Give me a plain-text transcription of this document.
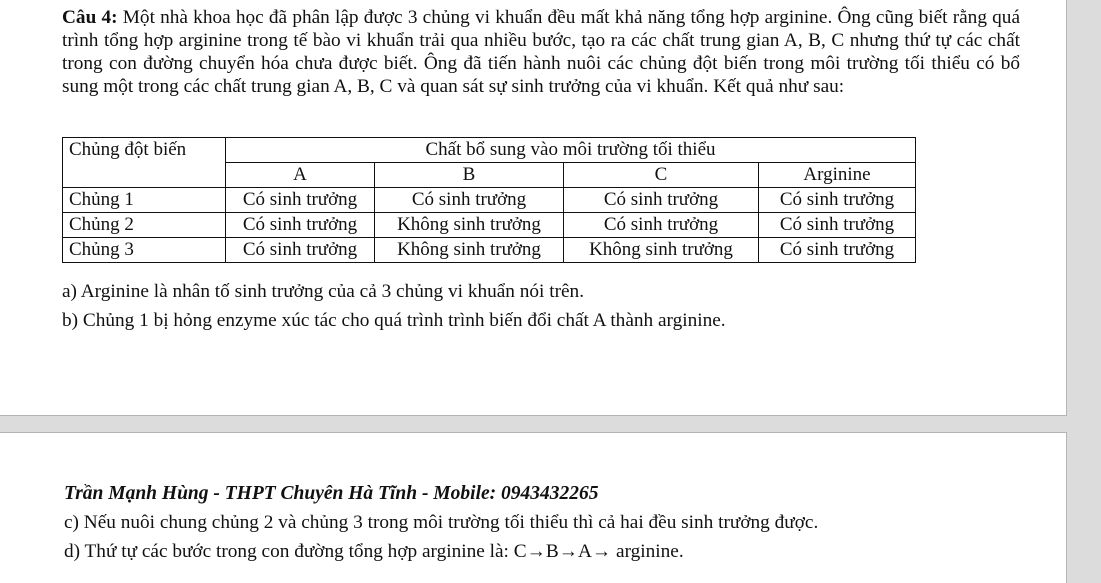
Câu 4: Một nhà khoa học đã phân lập được 3 chủng vi khuẩn đều mất khả năng tổng hợp arginine. Ông cũng biết rằng quá trình tổng hợp arginine trong tế bào vi khuẩn trải qua nhiều bước, tạo ra các chất trung gian A, B, C nhưng thứ tự các chất trong con đường chuyển hóa chưa được biết. Ông đã tiến hành nuôi các chủng đột biến trong môi trường tối thiểu có bổ sung một trong các chất trung gian A, B, C và quan sát sự sinh trưởng của vi khuẩn. Kết quả như sau:
Chủng đột biến	Chất bổ sung vào môi trường tối thiểu			
	A	B	C	Arginine
Chủng 1	Có sinh trưởng	Có sinh trưởng	Có sinh trưởng	Có sinh trưởng
Chủng 2	Có sinh trưởng	Không sinh trưởng	Có sinh trưởng	Có sinh trưởng
Chủng 3	Có sinh trưởng	Không sinh trưởng	Không sinh trưởng	Có sinh trưởng
a) Arginine là nhân tố sinh trưởng của cả 3 chủng vi khuẩn nói trên.
b) Chủng 1 bị hỏng enzyme xúc tác cho quá trình trình biến đổi chất A thành arginine.
Trần Mạnh Hùng - THPT Chuyên Hà Tĩnh - Mobile: 0943432265
c) Nếu nuôi chung chủng 2 và chủng 3 trong môi trường tối thiểu thì cả hai đều sinh trưởng được.
d) Thứ tự các bước trong con đường tổng hợp arginine là: C→B→A→ arginine.
